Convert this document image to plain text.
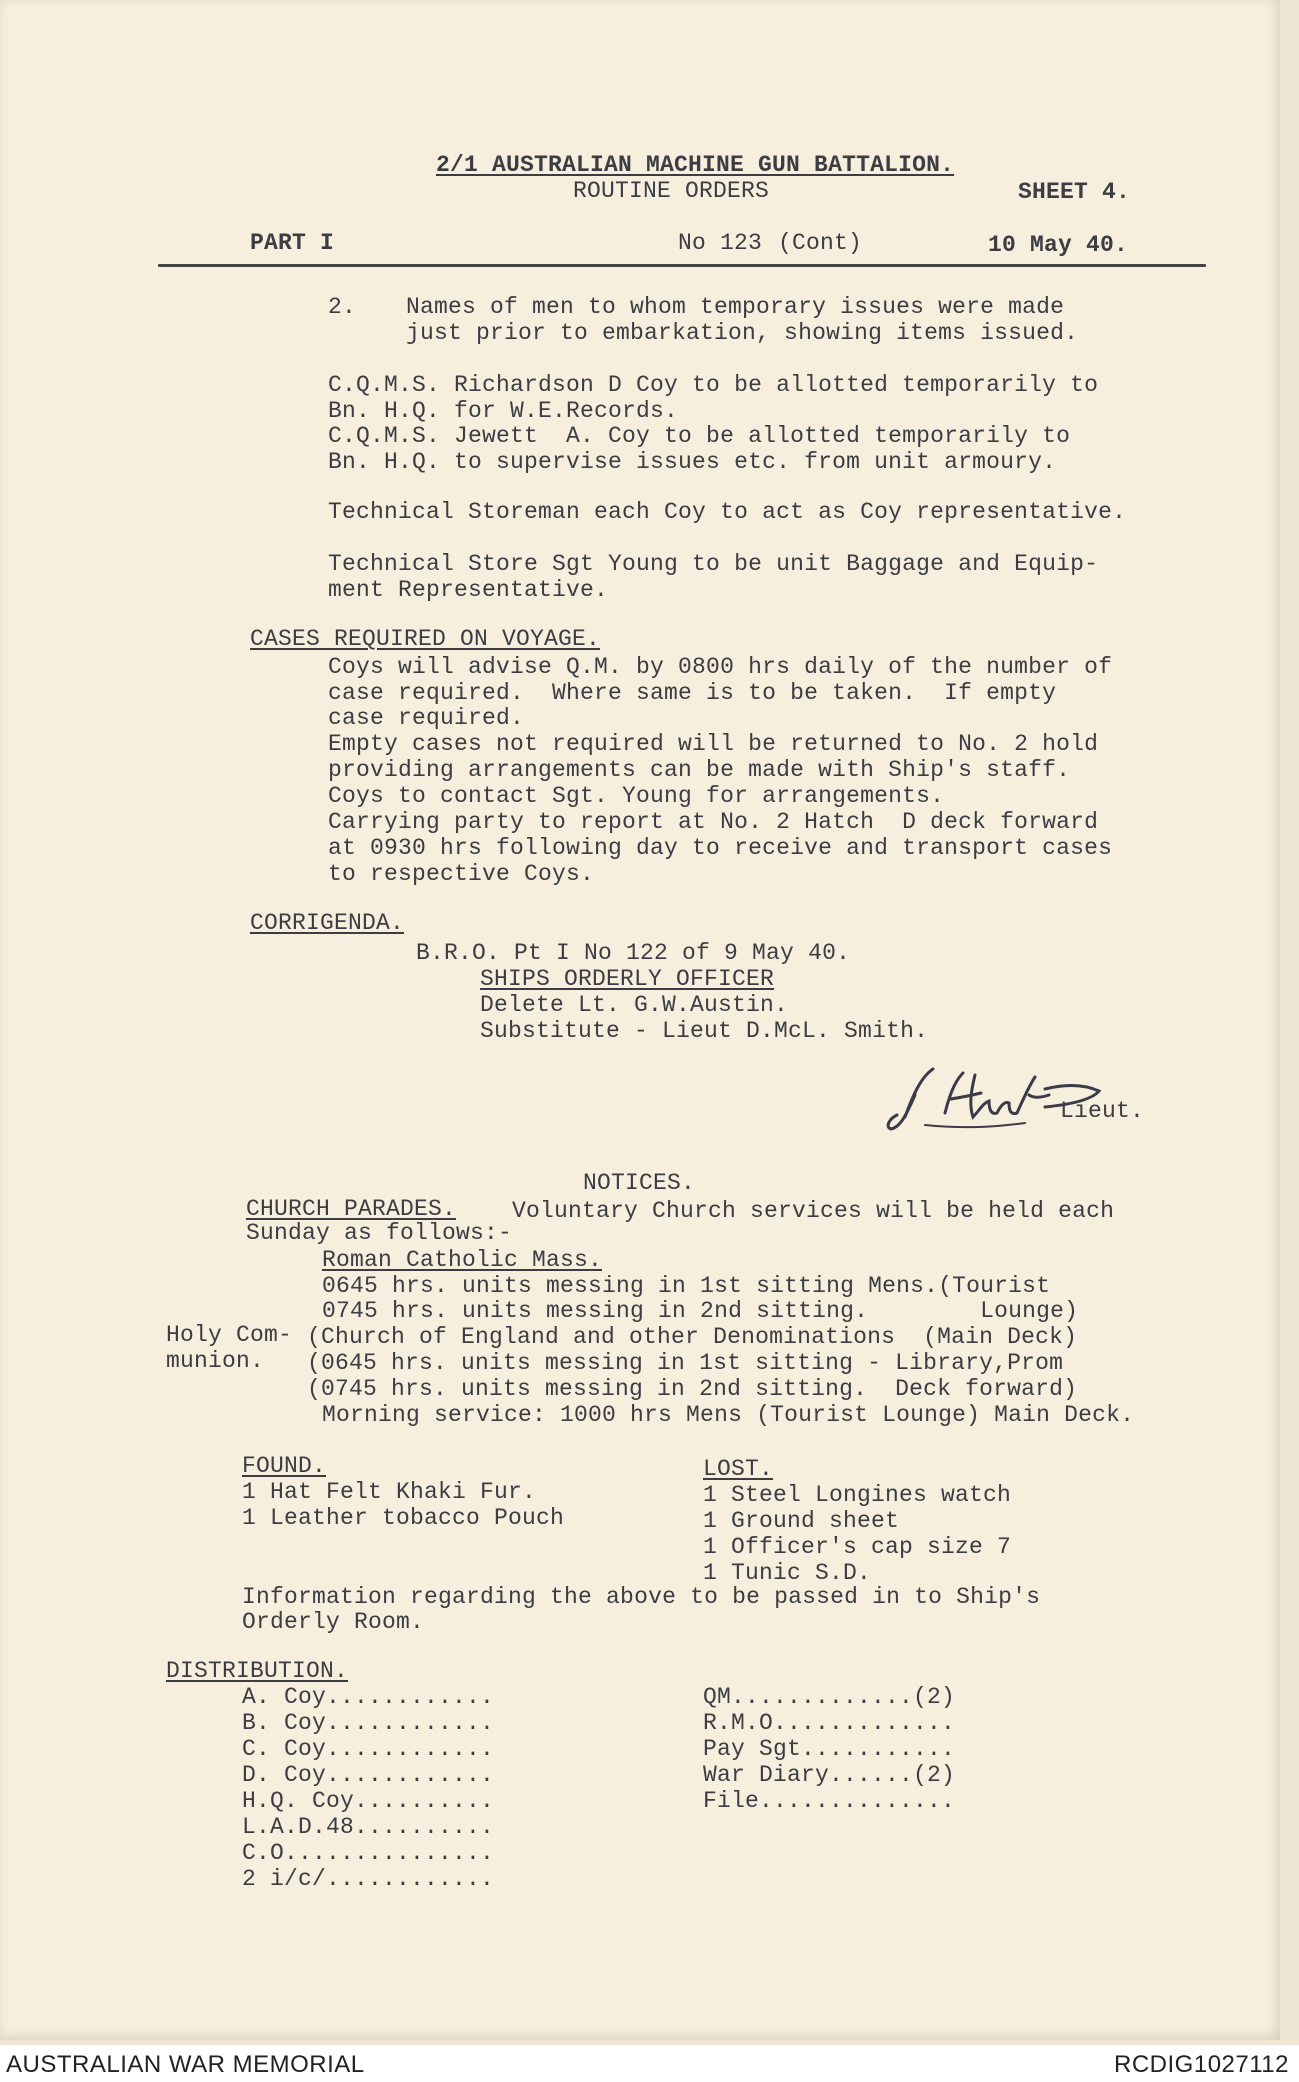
2/1 AUSTRALIAN MACHINE GUN BATTALION.
ROUTINE ORDERS	SHEET 4.
PART I	No 123 (Cont)	10 May 40.
2. Names of men to whom temporary issues were made
just prior to embarkation, showing items issued.
C.Q.M.S. Richardson D Coy to be allotted temporarily to
Bn. H.Q. for W.E.Records.
C.Q.M.S. Jewett  A. Coy to be allotted temporarily to
Bn. H.Q. to supervise issues etc. from unit armoury.
Technical Storeman each Coy to act as Coy representative.
Technical Store Sgt Young to be unit Baggage and Equip-
ment Representative.
CASES REQUIRED ON VOYAGE.
Coys will advise Q.M. by 0800 hrs daily of the number of
case required.  Where same is to be taken.  If empty
case required.
Empty cases not required will be returned to No. 2 hold
providing arrangements can be made with Ship's staff.
Coys to contact Sgt. Young for arrangements.
Carrying party to report at No. 2 Hatch  D deck forward
at 0930 hrs following day to receive and transport cases
to respective Coys.
CORRIGENDA.
B.R.O. Pt I No 122 of 9 May 40.
SHIPS ORDERLY OFFICER
Delete Lt. G.W.Austin.
Substitute - Lieut D.McL. Smith.
Lieut.
NOTICES.
CHURCH PARADES. Voluntary Church services will be held each
Sunday as follows:-
Roman Catholic Mass.
0645 hrs. units messing in 1st sitting Mens.(Tourist
0745 hrs. units messing in 2nd sitting.        Lounge)
Holy Com-
munion.
(Church of England and other Denominations  (Main Deck)
(0645 hrs. units messing in 1st sitting - Library,Prom
(0745 hrs. units messing in 2nd sitting.  Deck forward)
Morning service: 1000 hrs Mens (Tourist Lounge) Main Deck.
FOUND.
1 Hat Felt Khaki Fur.
1 Leather tobacco Pouch
LOST.
1 Steel Longines watch
1 Ground sheet
1 Officer's cap size 7
1 Tunic S.D.
Information regarding the above to be passed in to Ship's
Orderly Room.
DISTRIBUTION.
A. Coy............
B. Coy............
C. Coy............
D. Coy............
H.Q. Coy..........
L.A.D.48..........
C.O...............
2 i/c/............
QM.............(2)
R.M.O.............
Pay Sgt...........
War Diary......(2)
File..............
AUSTRALIAN WAR MEMORIAL	RCDIG1027112
